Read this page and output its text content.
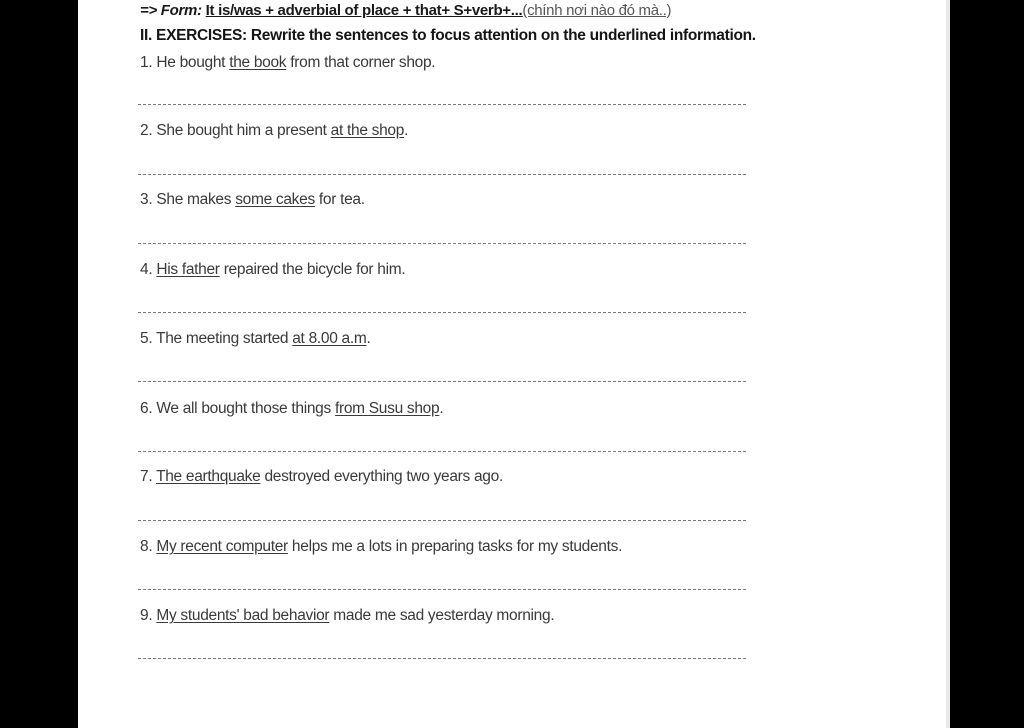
=> Form: It is/was + adverbial of place + that+ S+verb+...(chính nơi nào đó mà..)
II. EXERCISES: Rewrite the sentences to focus attention on the underlined information.
1. He bought the book from that corner shop.
2. She bought him a present at the shop.
3. She makes some cakes for tea.
4. His father repaired the bicycle for him.
5. The meeting started at 8.00 a.m.
6. We all bought those things from Susu shop.
7. The earthquake destroyed everything two years ago.
8. My recent computer helps me a lots in preparing tasks for my students.
9. My students' bad behavior made me sad yesterday morning.
